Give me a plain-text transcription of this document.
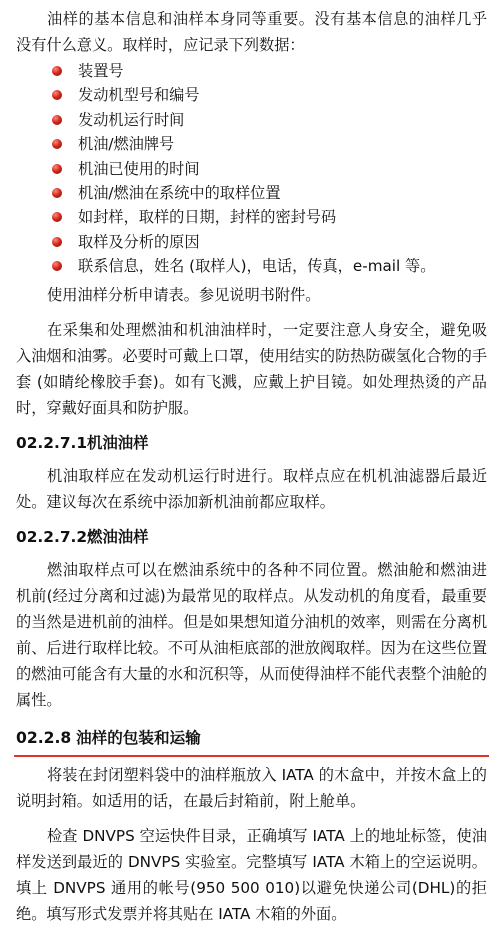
油样的基本信息和油样本身同等重要。没有基本信息的油样几乎没有什么意义。取样时，应记录下列数据：

装置号
发动机型号和编号
发动机运行时间
机油/燃油牌号
机油已使用的时间
机油/燃油在系统中的取样位置
如封样，取样的日期，封样的密封号码
取样及分析的原因
联系信息，姓名 (取样人)，电话，传真，e-mail 等。

使用油样分析申请表。参见说明书附件。

在采集和处理燃油和机油油样时，一定要注意人身安全，避免吸入油烟和油雾。必要时可戴上口罩，使用结实的防热防碳氢化合物的手套 (如睛纶橡胶手套)。如有飞溅，应戴上护目镜。如处理热烫的产品时，穿戴好面具和防护服。

02.2.7.1 机油油样

机油取样应在发动机运行时进行。取样点应在机机油滤器后最近处。建议每次在系统中添加新机油前都应取样。

02.2.7.2 燃油油样

燃油取样点可以在燃油系统中的各种不同位置。燃油舱和燃油进机前(经过分离和过滤)为最常见的取样点。从发动机的角度看，最重要的当然是进机前的油样。但是如果想知道分油机的效率，则需在分离机前、后进行取样比较。不可从油柜底部的泄放阀取样。因为在这些位置的燃油可能含有大量的水和沉积等，从而使得油样不能代表整个油舱的属性。

02.2.8 油样的包装和运输

将装在封闭塑料袋中的油样瓶放入 IATA 的木盒中，并按木盒上的说明封箱。如适用的话，在最后封箱前，附上舱单。

检查 DNVPS 空运快件目录，正确填写 IATA 上的地址标签，使油样发送到最近的 DNVPS 实验室。完整填写 IATA 木箱上的空运说明。填上 DNVPS 通用的帐号(950 500 010)以避免快递公司(DHL)的拒绝。填写形式发票并将其贴在 IATA 木箱的外面。
